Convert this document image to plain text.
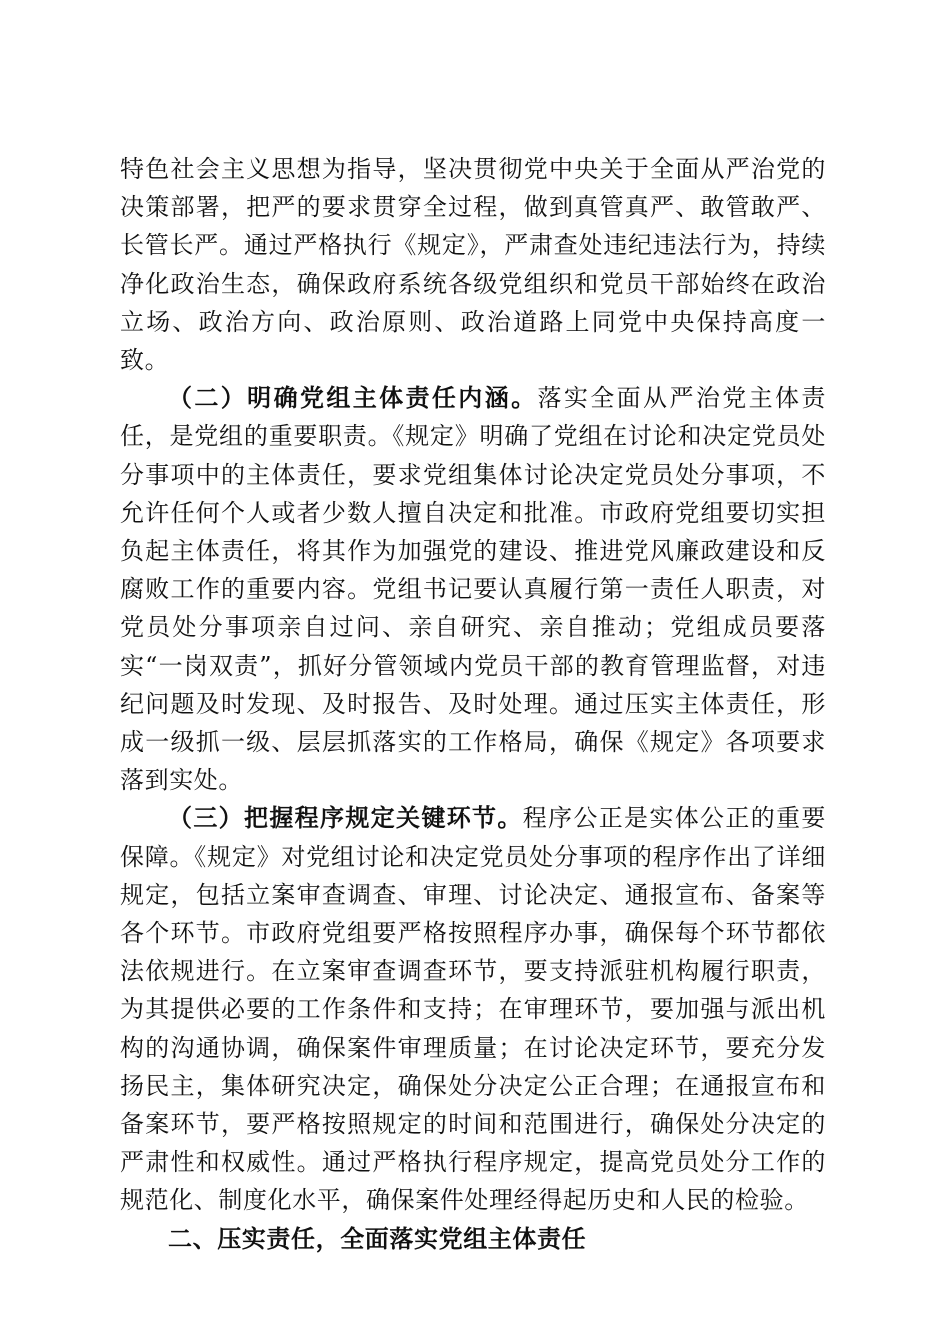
特色社会主义思想为指导，坚决贯彻党中央关于全面从严治党的决策部署，把严的要求贯穿全过程，做到真管真严、敢管敢严、长管长严。通过严格执行《规定》，严肃查处违纪违法行为，持续净化政治生态，确保政府系统各级党组织和党员干部始终在政治立场、政治方向、政治原则、政治道路上同党中央保持高度一致。

（二）明确党组主体责任内涵。落实全面从严治党主体责任，是党组的重要职责。《规定》明确了党组在讨论和决定党员处分事项中的主体责任，要求党组集体讨论决定党员处分事项，不允许任何个人或者少数人擅自决定和批准。市政府党组要切实担负起主体责任，将其作为加强党的建设、推进党风廉政建设和反腐败工作的重要内容。党组书记要认真履行第一责任人职责，对党员处分事项亲自过问、亲自研究、亲自推动；党组成员要落实“一岗双责”，抓好分管领域内党员干部的教育管理监督，对违纪问题及时发现、及时报告、及时处理。通过压实主体责任，形成一级抓一级、层层抓落实的工作格局，确保《规定》各项要求落到实处。

（三）把握程序规定关键环节。程序公正是实体公正的重要保障。《规定》对党组讨论和决定党员处分事项的程序作出了详细规定，包括立案审查调查、审理、讨论决定、通报宣布、备案等各个环节。市政府党组要严格按照程序办事，确保每个环节都依法依规进行。在立案审查调查环节，要支持派驻机构履行职责，为其提供必要的工作条件和支持；在审理环节，要加强与派出机构的沟通协调，确保案件审理质量；在讨论决定环节，要充分发扬民主，集体研究决定，确保处分决定公正合理；在通报宣布和备案环节，要严格按照规定的时间和范围进行，确保处分决定的严肃性和权威性。通过严格执行程序规定，提高党员处分工作的规范化、制度化水平，确保案件处理经得起历史和人民的检验。

二、压实责任，全面落实党组主体责任
